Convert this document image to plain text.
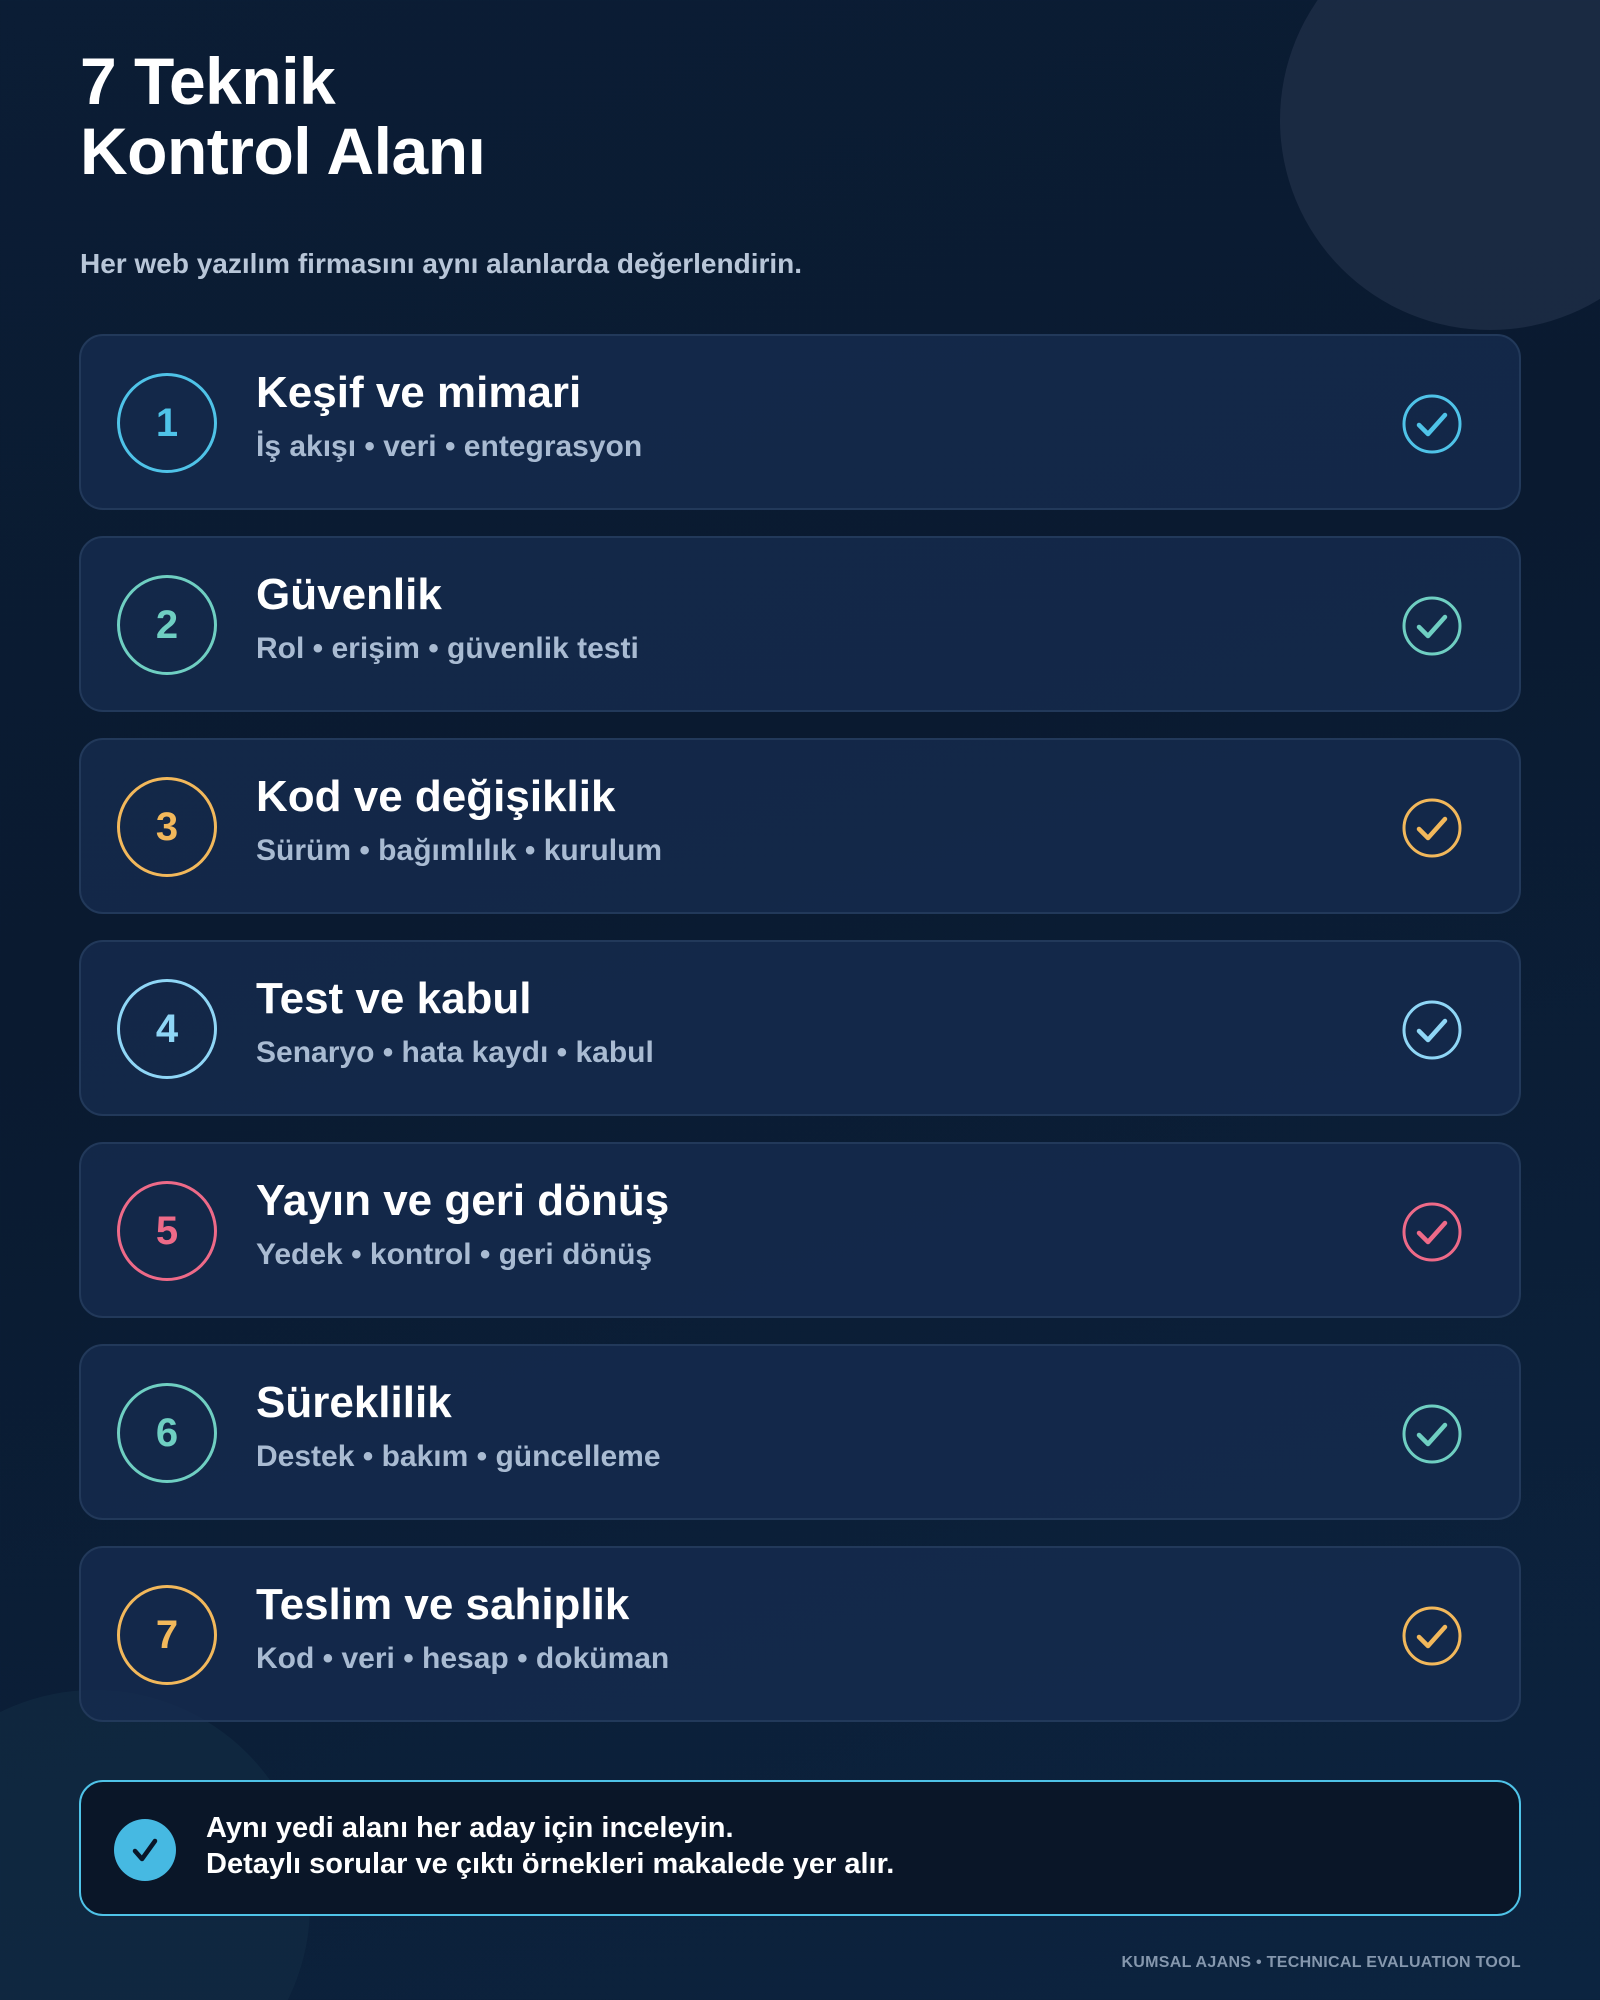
7 Teknik
Kontrol Alanı

Her web yazılım firmasını aynı alanlarda değerlendirin.

1
Keşif ve mimari
İş akışı • veri • entegrasyon
2
Güvenlik
Rol • erişim • güvenlik testi
3
Kod ve değişiklik
Sürüm • bağımlılık • kurulum
4
Test ve kabul
Senaryo • hata kaydı • kabul
5
Yayın ve geri dönüş
Yedek • kontrol • geri dönüş
6
Süreklilik
Destek • bakım • güncelleme
7
Teslim ve sahiplik
Kod • veri • hesap • doküman
Aynı yedi alanı her aday için inceleyin.
Detaylı sorular ve çıktı örnekleri makalede yer alır.
KUMSAL AJANS • TECHNICAL EVALUATION TOOL
